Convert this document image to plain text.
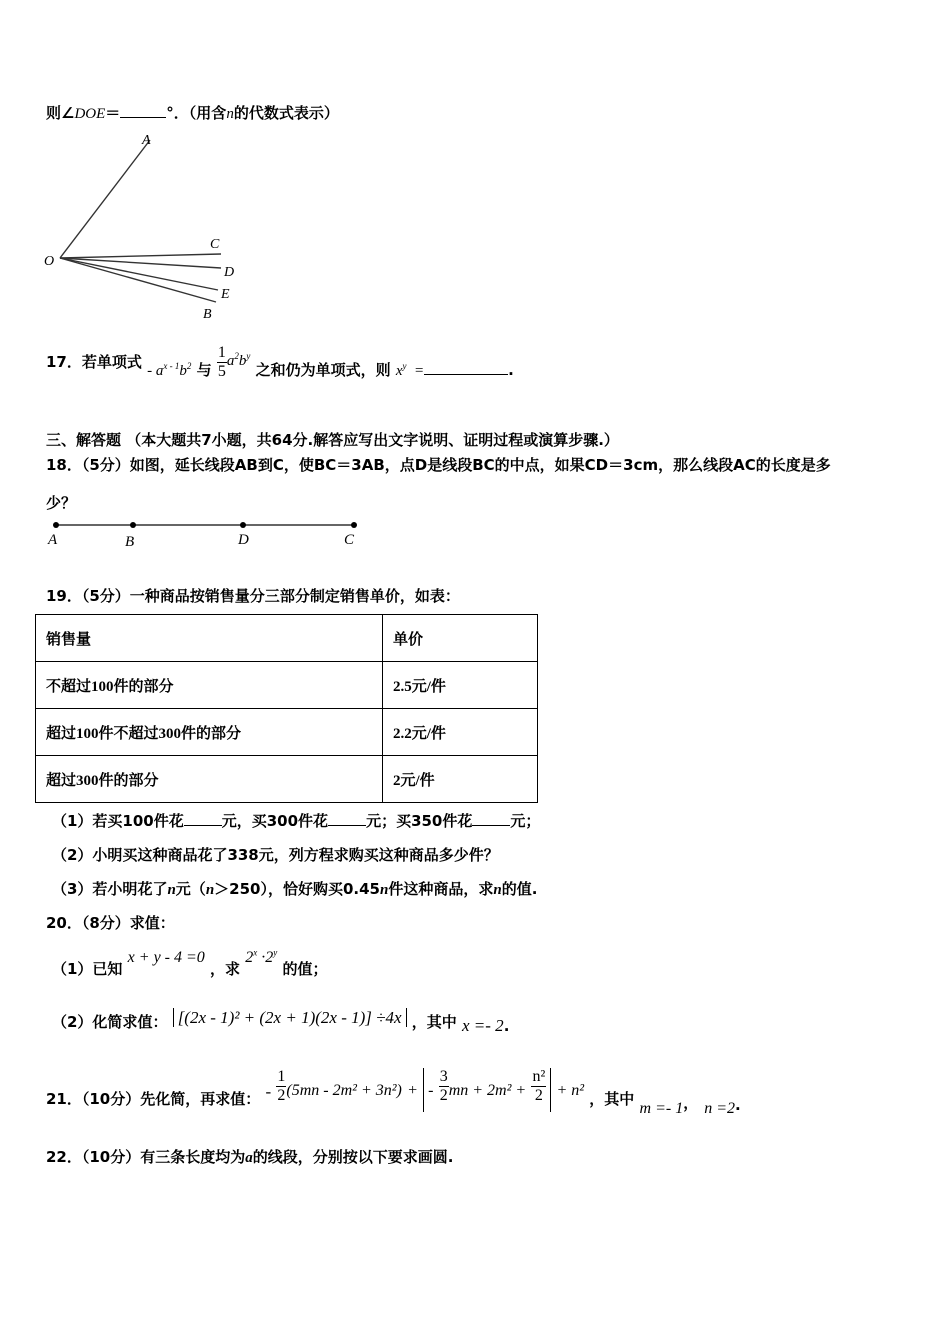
则∠DOE＝	°．（用含n的代数式表示）
A
C
O
D
E
B
17．若单项式 - $a^{x - 1}b^2$ 与 $\frac{1}{5} a^2b^y$ 之和仍为单项式，则 $x^y$ =	.
三、解答题 （本大题共7小题，共64分.解答应写出文字说明、证明过程或演算步骤.）
18．（5分）如图，延长线段AB到C，使BC＝3AB，点D是线段BC的中点，如果CD＝3cm，那么线段AC的长度是多
少？
A	B	D	C
19．（5分）一种商品按销售量分三部分制定销售单价，如表：
销售量	单价
不超过100件的部分	2.5元/件
超过100件不超过300件的部分	2.2元/件
超过300件的部分	2元/件
（1）若买100件花	元，买300件花	元；买350件花	元；
（2）小明买这种商品花了338元，列方程求购买这种商品多少件？
（3）若小明花了n元（n＞250），恰好购买0.45n件这种商品，求n的值.
20．（8分）求值：
（1）已知 x + y - 4 =0 ，求 $2^x \cdot 2^y$ 的值；
（2）化简求值： [(2x - 1)² + (2x + 1)(2x - 1)] ÷4x ，其中 x =- 2.
21．（10分）先化简，再求值： - $\frac{1}{2} (5mn - 2m^2 + 3n^2)$ + - $\frac{3}{2}$ mn + $2m^2 + \frac{\text{n²}}{2} + n^2$ ，其中 m =- 1， n =2.
22．（10分）有三条长度均为a的线段，分别按以下要求画圆.
